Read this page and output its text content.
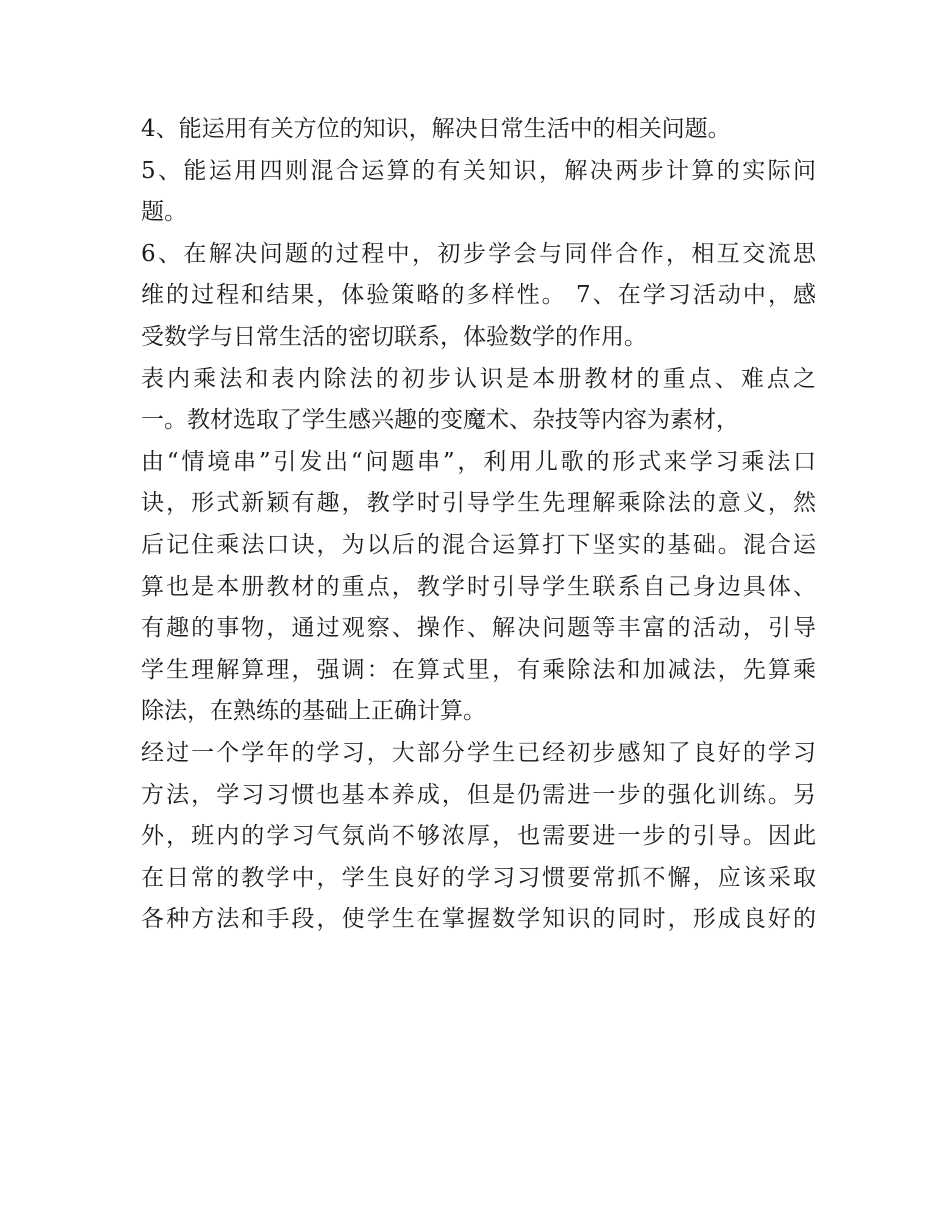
4、能运用有关方位的知识，解决日常生活中的相关问题。
5、能运用四则混合运算的有关知识，解决两步计算的实际问
题。
6、在解决问题的过程中，初步学会与同伴合作，相互交流思
维的过程和结果，体验策略的多样性。 7、在学习活动中，感
受数学与日常生活的密切联系，体验数学的作用。
表内乘法和表内除法的初步认识是本册教材的重点、难点之
一。教材选取了学生感兴趣的变魔术、杂技等内容为素材，
由“情境串”引发出“问题串”，利用儿歌的形式来学习乘法口
诀，形式新颖有趣，教学时引导学生先理解乘除法的意义，然
后记住乘法口诀，为以后的混合运算打下坚实的基础。混合运
算也是本册教材的重点，教学时引导学生联系自己身边具体、
有趣的事物，通过观察、操作、解决问题等丰富的活动，引导
学生理解算理，强调：在算式里，有乘除法和加减法，先算乘
除法，在熟练的基础上正确计算。
经过一个学年的学习，大部分学生已经初步感知了良好的学习
方法，学习习惯也基本养成，但是仍需进一步的强化训练。另
外，班内的学习气氛尚不够浓厚，也需要进一步的引导。因此
在日常的教学中，学生良好的学习习惯要常抓不懈，应该采取
各种方法和手段，使学生在掌握数学知识的同时，形成良好的
